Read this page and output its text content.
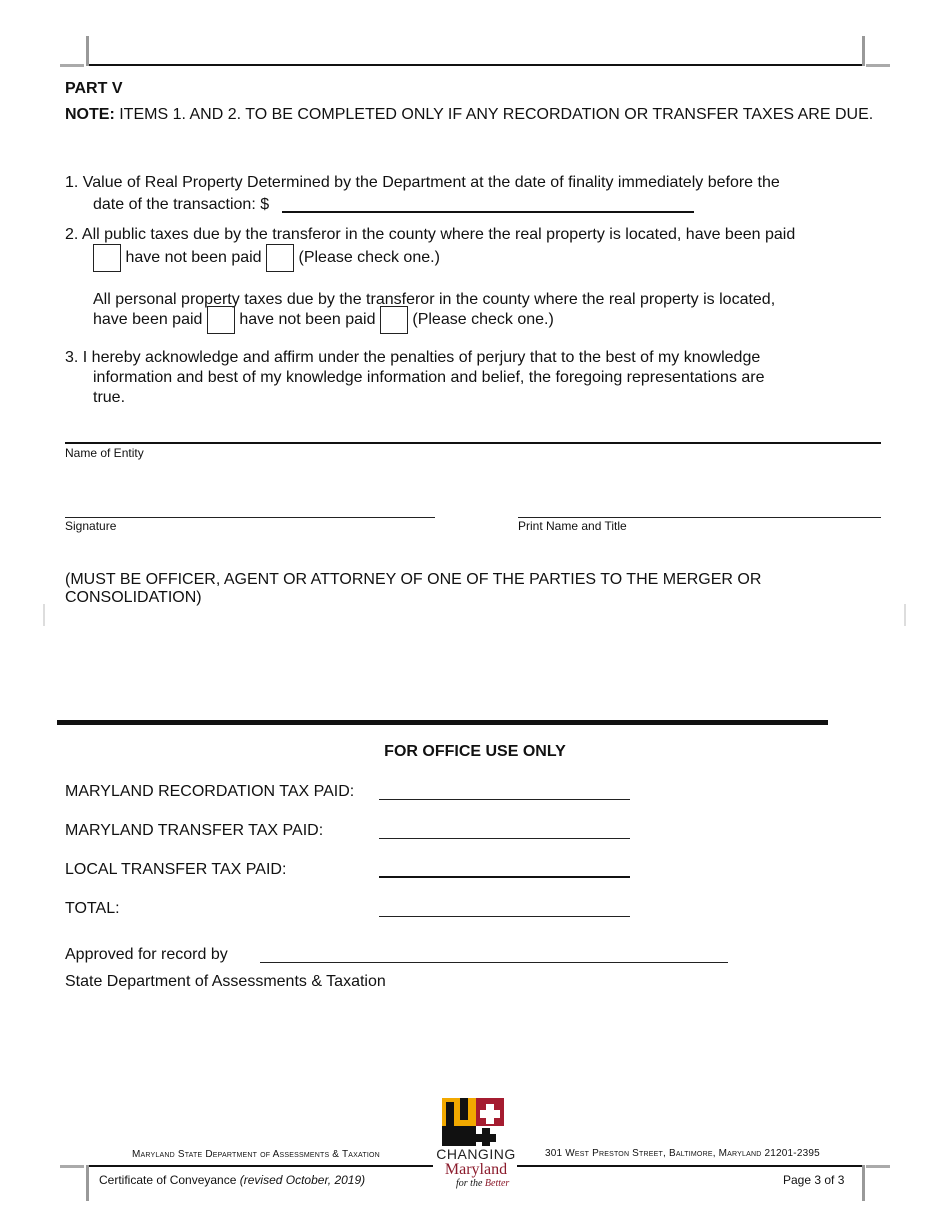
PART V
NOTE: ITEMS 1. AND 2. TO BE COMPLETED ONLY IF ANY RECORDATION OR TRANSFER TAXES ARE DUE.
1. Value of Real Property Determined by the Department at the date of finality immediately before the
date of the transaction: $
2. All public taxes due by the transferor in the county where the real property is located, have been paid
have not been paid (Please check one.)
All personal property taxes due by the transferor in the county where the real property is located,
have been paid have not been paid (Please check one.)
3. I hereby acknowledge and affirm under the penalties of perjury that to the best of my knowledge
information and best of my knowledge information and belief, the foregoing representations are
true.
Name of Entity
Signature	Print Name and Title
(MUST BE OFFICER, AGENT OR ATTORNEY OF ONE OF THE PARTIES TO THE MERGER OR
CONSOLIDATION)
FOR OFFICE USE ONLY
MARYLAND RECORDATION TAX PAID:
MARYLAND TRANSFER TAX PAID:
LOCAL TRANSFER TAX PAID:
TOTAL:
Approved for record by
State Department of Assessments & Taxation
Maryland State Department of Assessments & Taxation	301 West Preston Street, Baltimore, Maryland 21201-2395
Certificate of Conveyance (revised October, 2019)	Page 3 of 3
CHANGING
Maryland
for the Better
